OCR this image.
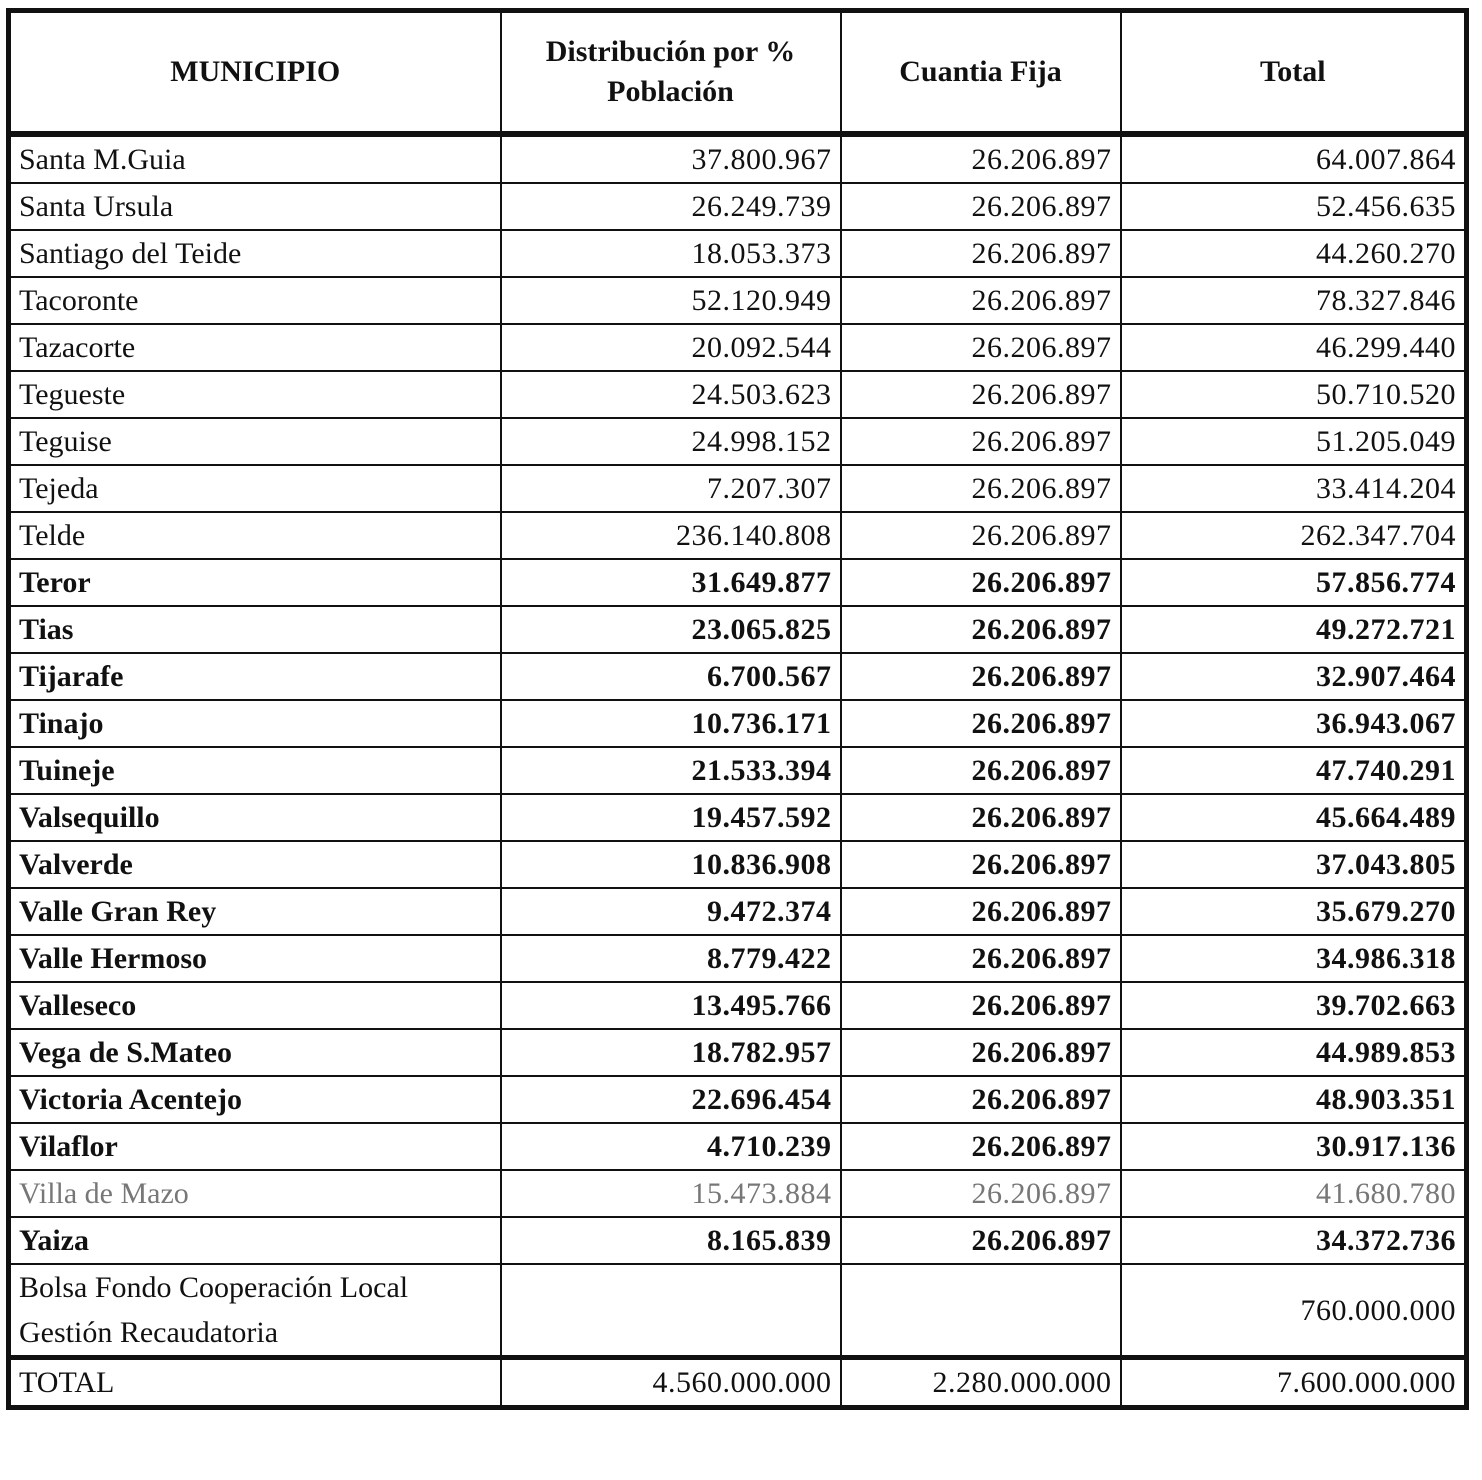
MUNICIPIO	Distribución por % Población	Cuantia Fija	Total
Santa M.Guia	37.800.967	26.206.897	64.007.864
Santa Ursula	26.249.739	26.206.897	52.456.635
Santiago del Teide	18.053.373	26.206.897	44.260.270
Tacoronte	52.120.949	26.206.897	78.327.846
Tazacorte	20.092.544	26.206.897	46.299.440
Tegueste	24.503.623	26.206.897	50.710.520
Teguise	24.998.152	26.206.897	51.205.049
Tejeda	7.207.307	26.206.897	33.414.204
Telde	236.140.808	26.206.897	262.347.704
Teror	31.649.877	26.206.897	57.856.774
Tias	23.065.825	26.206.897	49.272.721
Tijarafe	6.700.567	26.206.897	32.907.464
Tinajo	10.736.171	26.206.897	36.943.067
Tuineje	21.533.394	26.206.897	47.740.291
Valsequillo	19.457.592	26.206.897	45.664.489
Valverde	10.836.908	26.206.897	37.043.805
Valle Gran Rey	9.472.374	26.206.897	35.679.270
Valle Hermoso	8.779.422	26.206.897	34.986.318
Valleseco	13.495.766	26.206.897	39.702.663
Vega de S.Mateo	18.782.957	26.206.897	44.989.853
Victoria Acentejo	22.696.454	26.206.897	48.903.351
Vilaflor	4.710.239	26.206.897	30.917.136
Villa de Mazo	15.473.884	26.206.897	41.680.780
Yaiza	8.165.839	26.206.897	34.372.736

Bolsa Fondo Cooperación Local
Gestión Recaudatoria			760.000.000
TOTAL	4.560.000.000	2.280.000.000	7.600.000.000
